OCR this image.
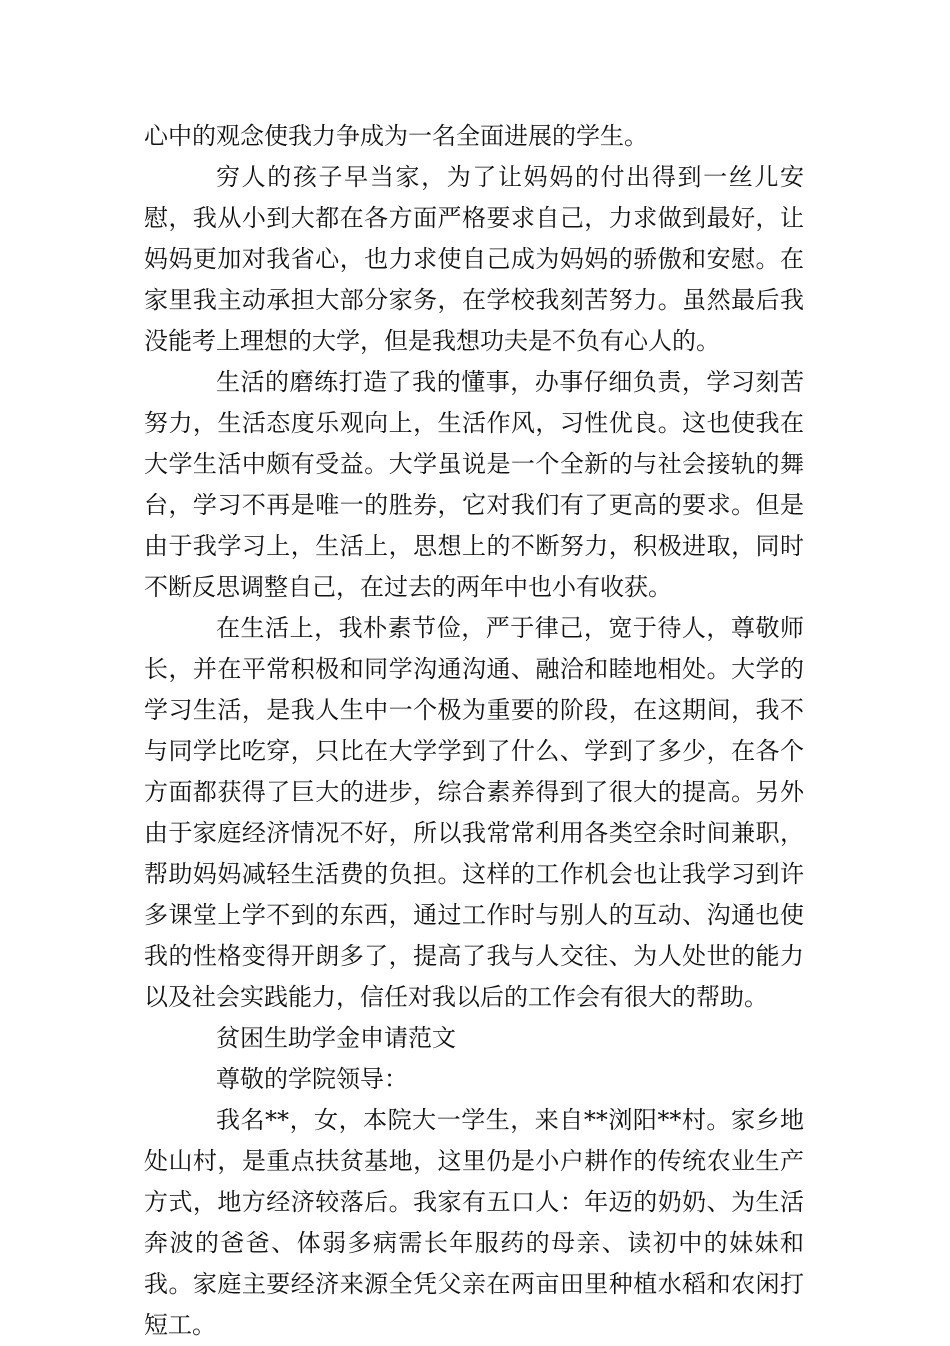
心中的观念使我力争成为一名全面进展的学生。

穷人的孩子早当家，为了让妈妈的付出得到一丝儿安慰，我从小到大都在各方面严格要求自己，力求做到最好，让妈妈更加对我省心，也力求使自己成为妈妈的骄傲和安慰。在家里我主动承担大部分家务，在学校我刻苦努力。虽然最后我没能考上理想的大学，但是我想功夫是不负有心人的。

生活的磨练打造了我的懂事，办事仔细负责，学习刻苦努力，生活态度乐观向上，生活作风，习性优良。这也使我在大学生活中颇有受益。大学虽说是一个全新的与社会接轨的舞台，学习不再是唯一的胜券，它对我们有了更高的要求。但是由于我学习上，生活上，思想上的不断努力，积极进取，同时不断反思调整自己，在过去的两年中也小有收获。

在生活上，我朴素节俭，严于律己，宽于待人，尊敬师长，并在平常积极和同学沟通沟通、融洽和睦地相处。大学的学习生活，是我人生中一个极为重要的阶段，在这期间，我不与同学比吃穿，只比在大学学到了什么、学到了多少，在各个方面都获得了巨大的进步，综合素养得到了很大的提高。另外由于家庭经济情况不好，所以我常常利用各类空余时间兼职，帮助妈妈减轻生活费的负担。这样的工作机会也让我学习到许多课堂上学不到的东西，通过工作时与别人的互动、沟通也使我的性格变得开朗多了，提高了我与人交往、为人处世的能力以及社会实践能力，信任对我以后的工作会有很大的帮助。

贫困生助学金申请范文

尊敬的学院领导：

我名**，女，本院大一学生，来自**浏阳**村。家乡地处山村，是重点扶贫基地，这里仍是小户耕作的传统农业生产方式，地方经济较落后。我家有五口人：年迈的奶奶、为生活奔波的爸爸、体弱多病需长年服药的母亲、读初中的妹妹和我。家庭主要经济来源全凭父亲在两亩田里种植水稻和农闲打短工。
